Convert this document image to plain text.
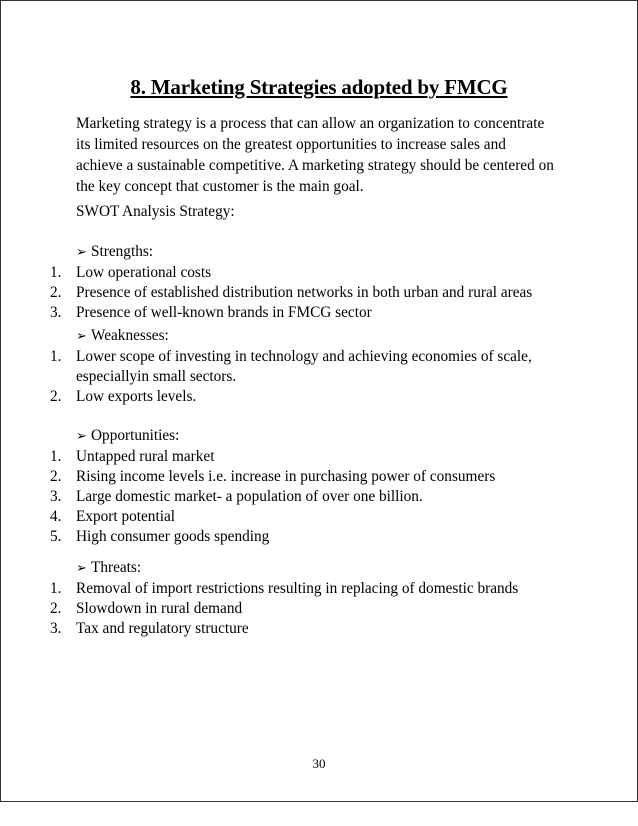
8. Marketing Strategies adopted by FMCG
Marketing strategy is a process that can allow an organization to concentrate its limited resources on the greatest opportunities to increase sales and achieve a sustainable competitive. A marketing strategy should be centered on the key concept that customer is the main goal.
SWOT Analysis Strategy:
➢ Strengths:
1. Low operational costs
2. Presence of established distribution networks in both urban and rural areas
3. Presence of well-known brands in FMCG sector
➢ Weaknesses:
1. Lower scope of investing in technology and achieving economies of scale, especiallyin small sectors.
2. Low exports levels.
➢ Opportunities:
1. Untapped rural market
2. Rising income levels i.e. increase in purchasing power of consumers
3. Large domestic market- a population of over one billion.
4. Export potential
5. High consumer goods spending
➢ Threats:
1. Removal of import restrictions resulting in replacing of domestic brands
2. Slowdown in rural demand
3. Tax and regulatory structure
30
